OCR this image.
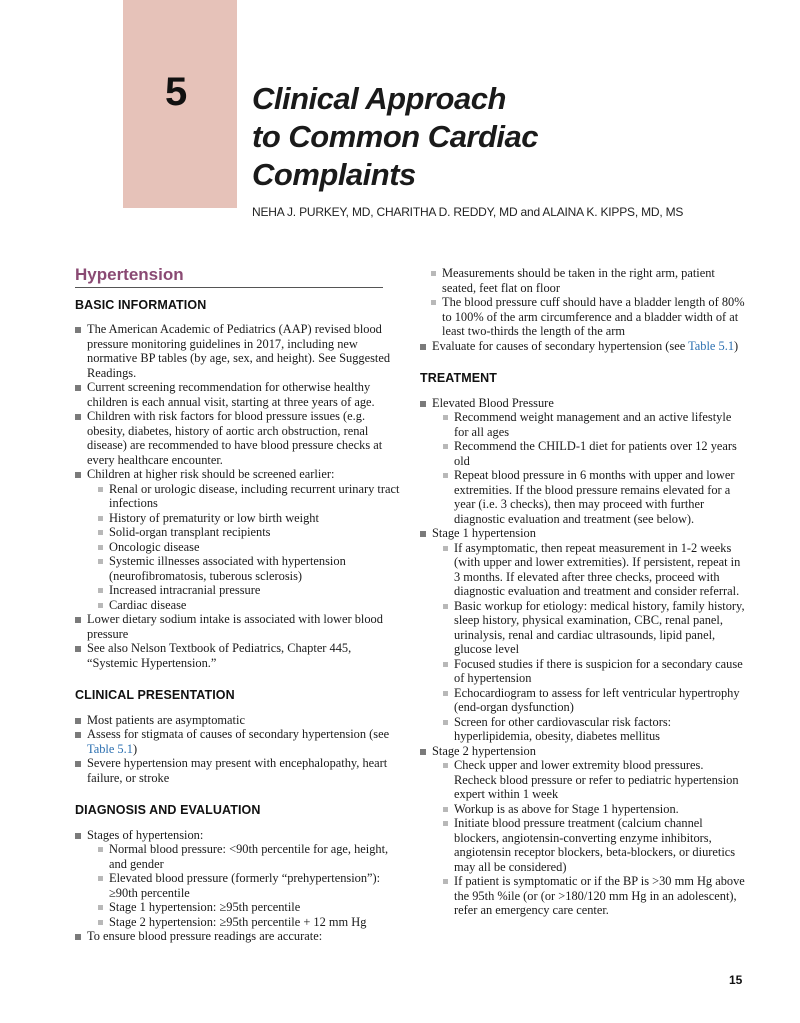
5 Clinical Approach
to Common Cardiac
Complaints
NEHA J. PURKEY, MD, CHARITHA D. REDDY, MD and ALAINA K. KIPPS, MD, MS
Hypertension
BASIC INFORMATION
The American Academic of Pediatrics (AAP) revised blood pressure monitoring guidelines in 2017, including new normative BP tables (by age, sex, and height). See Suggested Readings.
Current screening recommendation for otherwise healthy children is each annual visit, starting at three years of age.
Children with risk factors for blood pressure issues (e.g. obesity, diabetes, history of aortic arch obstruction, renal disease) are recommended to have blood pressure checks at every healthcare encounter.
Children at higher risk should be screened earlier:
Renal or urologic disease, including recurrent urinary tract infections
History of prematurity or low birth weight
Solid-organ transplant recipients
Oncologic disease
Systemic illnesses associated with hypertension (neurofibromatosis, tuberous sclerosis)
Increased intracranial pressure
Cardiac disease
Lower dietary sodium intake is associated with lower blood pressure
See also Nelson Textbook of Pediatrics, Chapter 445, “Systemic Hypertension.”
CLINICAL PRESENTATION
Most patients are asymptomatic
Assess for stigmata of causes of secondary hypertension (see Table 5.1)
Severe hypertension may present with encephalopathy, heart failure, or stroke
DIAGNOSIS AND EVALUATION
Stages of hypertension:
Normal blood pressure: <90th percentile for age, height, and gender
Elevated blood pressure (formerly “prehypertension”): ≥90th percentile
Stage 1 hypertension: ≥95th percentile
Stage 2 hypertension: ≥95th percentile + 12 mm Hg
To ensure blood pressure readings are accurate:
Measurements should be taken in the right arm, patient seated, feet flat on floor
The blood pressure cuff should have a bladder length of 80% to 100% of the arm circumference and a bladder width of at least two-thirds the length of the arm
Evaluate for causes of secondary hypertension (see Table 5.1)
TREATMENT
Elevated Blood Pressure
Recommend weight management and an active lifestyle for all ages
Recommend the CHILD-1 diet for patients over 12 years old
Repeat blood pressure in 6 months with upper and lower extremities. If the blood pressure remains elevated for a year (i.e. 3 checks), then may proceed with further diagnostic evaluation and treatment (see below).
Stage 1 hypertension
If asymptomatic, then repeat measurement in 1-2 weeks (with upper and lower extremities). If persistent, repeat in 3 months. If elevated after three checks, proceed with diagnostic evaluation and treatment and consider referral.
Basic workup for etiology: medical history, family history, sleep history, physical examination, CBC, renal panel, urinalysis, renal and cardiac ultrasounds, lipid panel, glucose level
Focused studies if there is suspicion for a secondary cause of hypertension
Echocardiogram to assess for left ventricular hypertrophy (end-organ dysfunction)
Screen for other cardiovascular risk factors: hyperlipidemia, obesity, diabetes mellitus
Stage 2 hypertension
Check upper and lower extremity blood pressures. Recheck blood pressure or refer to pediatric hypertension expert within 1 week
Workup is as above for Stage 1 hypertension.
Initiate blood pressure treatment (calcium channel blockers, angiotensin-converting enzyme inhibitors, angiotensin receptor blockers, beta-blockers, or diuretics may all be considered)
If patient is symptomatic or if the BP is >30 mm Hg above the 95th %ile (or (or >180/120 mm Hg in an adolescent), refer an emergency care center.
15
